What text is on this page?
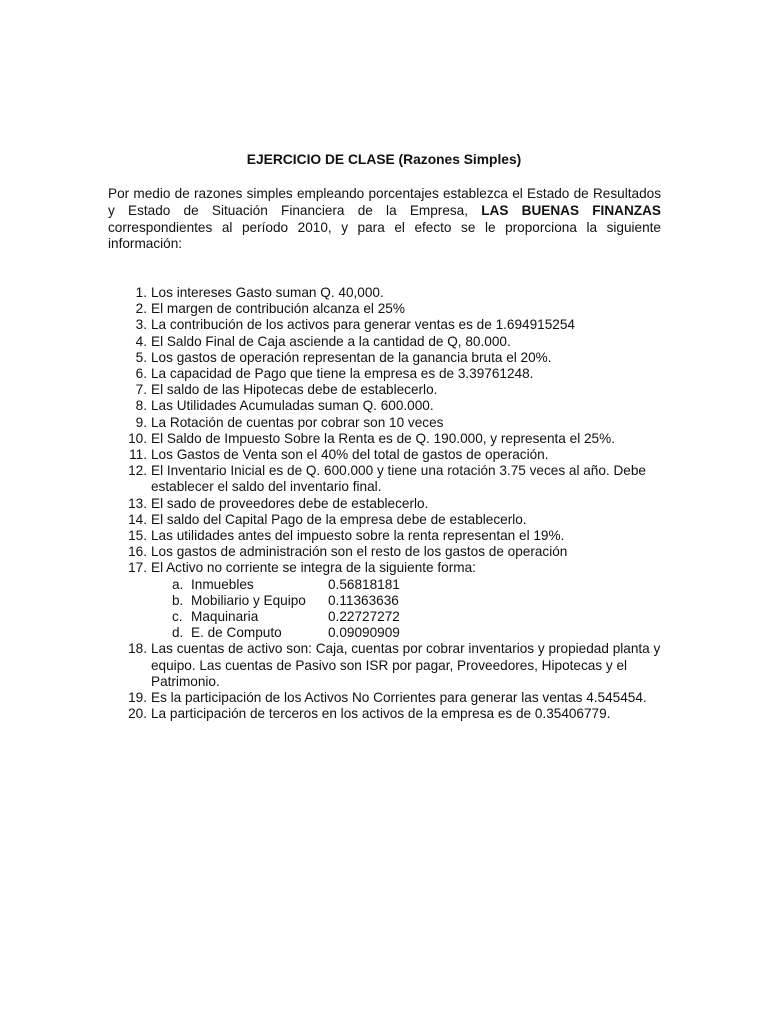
EJERCICIO DE CLASE (Razones Simples)
Por medio de razones simples empleando porcentajes establezca el Estado de Resultados y Estado de Situación Financiera de la Empresa, LAS BUENAS FINANZAS correspondientes al período 2010, y para el efecto se le proporciona la siguiente información:
1. Los intereses Gasto suman Q. 40,000.
2. El margen de contribución alcanza el 25%
3. La contribución de los activos para generar ventas es de 1.694915254
4. El Saldo Final de Caja asciende a la cantidad de Q, 80.000.
5. Los gastos de operación representan de la ganancia bruta el 20%.
6. La capacidad de Pago que tiene la empresa es de 3.39761248.
7. El saldo de las Hipotecas debe de establecerlo.
8. Las Utilidades Acumuladas suman Q. 600.000.
9. La Rotación de cuentas por cobrar son 10 veces
10. El Saldo de Impuesto Sobre la Renta es de Q. 190.000, y representa el 25%.
11. Los Gastos de Venta son el 40% del total de gastos de operación.
12. El Inventario Inicial es de Q. 600.000 y tiene una rotación 3.75 veces al año. Debe establecer el saldo del inventario final.
13. El sado de proveedores debe de establecerlo.
14. El saldo del Capital Pago de la empresa debe de establecerlo.
15. Las utilidades antes del impuesto sobre la renta representan el 19%.
16. Los gastos de administración son el resto de los gastos de operación
17. El Activo no corriente se integra de la siguiente forma:
a. Inmuebles	0.56818181
b. Mobiliario y Equipo 0.11363636
c. Maquinaria	0.22727272
d. E. de Computo	0.09090909
18. Las cuentas de activo son: Caja, cuentas por cobrar inventarios y propiedad planta y equipo. Las cuentas de Pasivo son ISR por pagar, Proveedores, Hipotecas y el Patrimonio.
19. Es la participación de los Activos No Corrientes para generar las ventas 4.545454.
20. La participación de terceros en los activos de la empresa es de 0.35406779.
